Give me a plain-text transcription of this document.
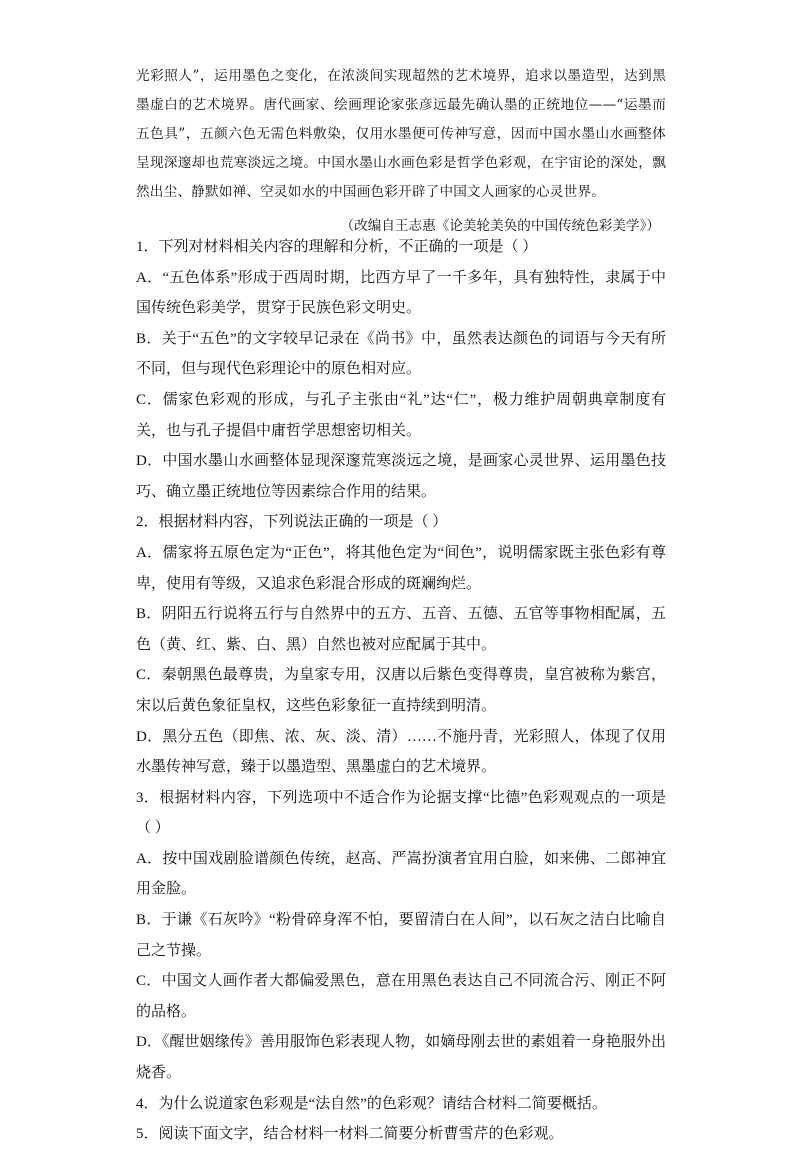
光彩照人”，运用墨色之变化，在浓淡间实现超然的艺术境界，追求以墨造型，达到黑墨虚白的艺术境界。唐代画家、绘画理论家张彦远最先确认墨的正统地位——“运墨而五色具”，五颜六色无需色料敷染，仅用水墨便可传神写意，因而中国水墨山水画整体呈现深邃却也荒寒淡远之境。中国水墨山水画色彩是哲学色彩观，在宇宙论的深处，飘然出尘、静默如禅、空灵如水的中国画色彩开辟了中国文人画家的心灵世界。

（改编自王志惠《论美轮美奂的中国传统色彩美学》）

1．下列对材料相关内容的理解和分析，不正确的一项是（ ）

A．“五色体系”形成于西周时期，比西方早了一千多年，具有独特性，隶属于中国传统色彩美学，贯穿于民族色彩文明史。

B．关于“五色”的文字较早记录在《尚书》中，虽然表达颜色的词语与今天有所不同，但与现代色彩理论中的原色相对应。

C．儒家色彩观的形成，与孔子主张由“礼”达“仁”，极力维护周朝典章制度有关，也与孔子提倡中庸哲学思想密切相关。

D．中国水墨山水画整体显现深邃荒寒淡远之境，是画家心灵世界、运用墨色技巧、确立墨正统地位等因素综合作用的结果。

2．根据材料内容，下列说法正确的一项是（ ）

A．儒家将五原色定为“正色”，将其他色定为“间色”，说明儒家既主张色彩有尊卑，使用有等级，又追求色彩混合形成的斑斓绚烂。

B．阴阳五行说将五行与自然界中的五方、五音、五德、五官等事物相配属，五色（黄、红、紫、白、黑）自然也被对应配属于其中。

C．秦朝黑色最尊贵，为皇家专用，汉唐以后紫色变得尊贵，皇宫被称为紫宫，宋以后黄色象征皇权，这些色彩象征一直持续到明清。

D．黑分五色（即焦、浓、灰、淡、清）……不施丹青，光彩照人，体现了仅用水墨传神写意，臻于以墨造型、黑墨虚白的艺术境界。

3．根据材料内容，下列选项中不适合作为论据支撑“比德”色彩观观点的一项是（ ）

A．按中国戏剧脸谱颜色传统，赵高、严嵩扮演者宜用白脸，如来佛、二郎神宜用金脸。

B．于谦《石灰吟》“粉骨碎身浑不怕，要留清白在人间”，以石灰之洁白比喻自己之节操。

C．中国文人画作者大都偏爱黑色，意在用黑色表达自己不同流合污、刚正不阿的品格。

D．《醒世姻缘传》善用服饰色彩表现人物，如嫡母刚去世的素姐着一身艳服外出烧香。

4．为什么说道家色彩观是“法自然”的色彩观？请结合材料二简要概括。

5．阅读下面文字，结合材料一材料二简要分析曹雪芹的色彩观。
